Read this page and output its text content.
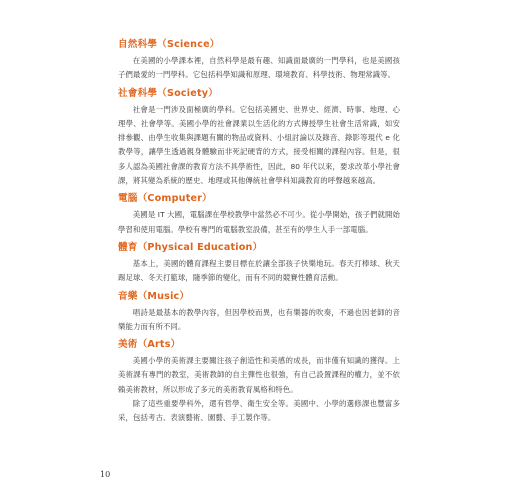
自然科學（Science）

在美國的小學課本裡，自然科學是最有趣、知識面最廣的一門學科，也是美國孩子們最愛的一門學科。它包括科學知識和原理、環境教育、科學技術、物理常識等。

社會科學（Society）

社會是一門涉及面極廣的學科。它包括美國史、世界史、經濟、時事、地理、心理學、社會學等。美國小學的社會課業以生活化的方式傳授學生社會生活常識，如安排參觀、由學生收集與課題有關的物品或資料、小組討論以及錄音、錄影等現代 e 化教學等，讓學生透過親身體驗而非死記硬背的方式，接受相關的課程內容。但是，很多人認為美國社會課的教育方法不具學術性，因此，80 年代以來，要求改革小學社會課，將其變為系統的歷史、地理或其他傳統社會學科知識教育的呼聲越來越高。

電腦（Computer）

美國是 IT 大國，電腦課在學校教學中當然必不可少。從小學開始，孩子們就開始學習和使用電腦。學校有專門的電腦教室設備，甚至有的學生人手一部電腦。

體育（Physical Education）

基本上，美國的體育課程主要目標在於讓全部孩子快樂地玩。春天打棒球、秋天踢足球、冬天打籃球，隨季節的變化，而有不同的競賽性體育活動。

音樂（Music）

唱詩是最基本的教學內容，但因學校而異，也有樂器的吹奏，不過也因老師的音樂能力而有所不同。

美術（Arts）

美國小學的美術課主要關注孩子創造性和美感的成長，而非僅有知識的獲得。上美術課有專門的教室，美術教師的自主彈性也很強，有自己設置課程的權力，並不依賴美術教材，所以形成了多元的美術教育風格和特色。

除了這些重要學科外，還有哲學、衛生安全等。美國中、小學的選修課也豐富多采，包括考古、表演藝術、園藝、手工製作等。

10
